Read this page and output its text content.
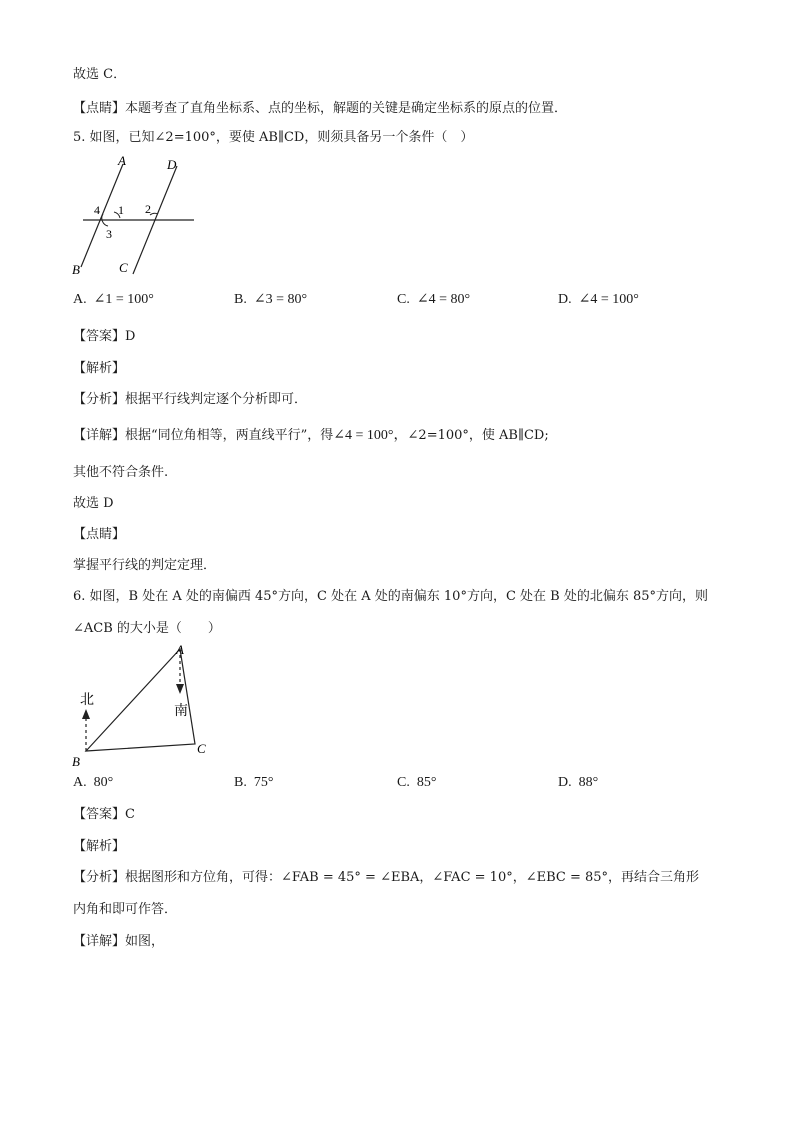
故选 C．
【点睛】本题考查了直角坐标系、点的坐标，解题的关键是确定坐标系的原点的位置．
5. 如图，已知∠2=100°，要使 AB∥CD，则须具备另一个条件（　）
A	D
B	C
1 2
3
4
A. ∠1 = 100°	B. ∠3 = 80°	C. ∠4 = 80°	D. ∠4 = 100°
【答案】D
【解析】
【分析】根据平行线判定逐个分析即可．
【详解】根据“同位角相等，两直线平行”，得∠4 = 100°，∠2=100°，使 AB∥CD;
其他不符合条件.
故选 D
【点睛】
掌握平行线的判定定理．
6. 如图，B 处在 A 处的南偏西 45°方向，C 处在 A 处的南偏东 10°方向，C 处在 B 处的北偏东 85°方向，则
∠ACB 的大小是（　　）
A
B
C
北
南
A. 80°	B. 75°	C. 85°	D. 88°
【答案】C
【解析】
【分析】根据图形和方位角，可得：∠FAB = 45° = ∠EBA，∠FAC = 10°，∠EBC = 85°，再结合三角形
内角和即可作答．
【详解】如图，
